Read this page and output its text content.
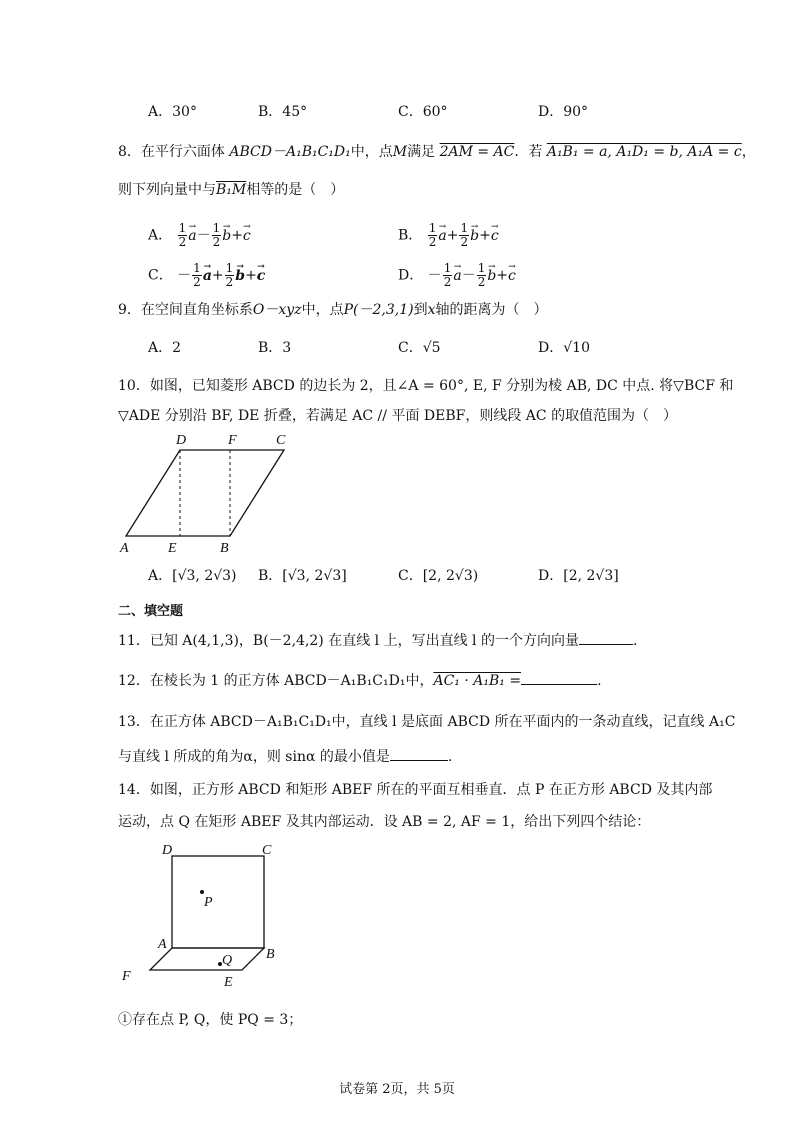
A．30°	B．45°	C．60°	D．90°
8．在平行六面体 ABCD－A₁B₁C₁D₁中，点M满足 2AM = AC．若 A₁B₁ = a, A₁D₁ = b, A₁A = c，
则下列向量中与B₁M相等的是（　）
A． $\frac{1}{2} \to a- \frac{1}{2} \to b+\to c$	B． $\frac{1}{2} \to a+ \frac{1}{2} \to b+\to c$
C． － $\frac{1}{2} \to a+ \frac{1}{2} \to b+\to c$	D． － $\frac{1}{2} \to a- \frac{1}{2} \to b+\to c$
9．在空间直角坐标系O－xyz中，点P(－2,3,1)到x轴的距离为（　）
A．2	B．3	C．√5	D．√10
10．如图，已知菱形 ABCD 的边长为 2，且∠A = 60°, E, F 分别为棱 AB, DC 中点. 将▽BCF 和
▽ADE 分别沿 BF, DE 折叠，若满足 AC // 平面 DEBF，则线段 AC 的取值范围为（　）
D	F	C
A	E	B
A．[√3, 2√3) B．[√3, 2√3]	C．[2, 2√3)	D．[2, 2√3]
二、填空题
11．已知 A(4,1,3)，B(－2,4,2) 在直线 l 上，写出直线 l 的一个方向向量	.
12．在棱长为 1 的正方体 ABCD－A₁B₁C₁D₁中，AC₁ · A₁B₁ =	.
13．在正方体 ABCD－A₁B₁C₁D₁中，直线 l 是底面 ABCD 所在平面内的一条动直线，记直线 A₁C
与直线 l 所成的角为α，则 sinα 的最小值是	.
14．如图，正方形 ABCD 和矩形 ABEF 所在的平面互相垂直．点 P 在正方形 ABCD 及其内部
运动，点 Q 在矩形 ABEF 及其内部运动．设 AB = 2, AF = 1，给出下列四个结论：
D	C
P
A
B
Q
F	E
①存在点 P, Q，使 PQ = 3；
试卷第 2页，共 5页
